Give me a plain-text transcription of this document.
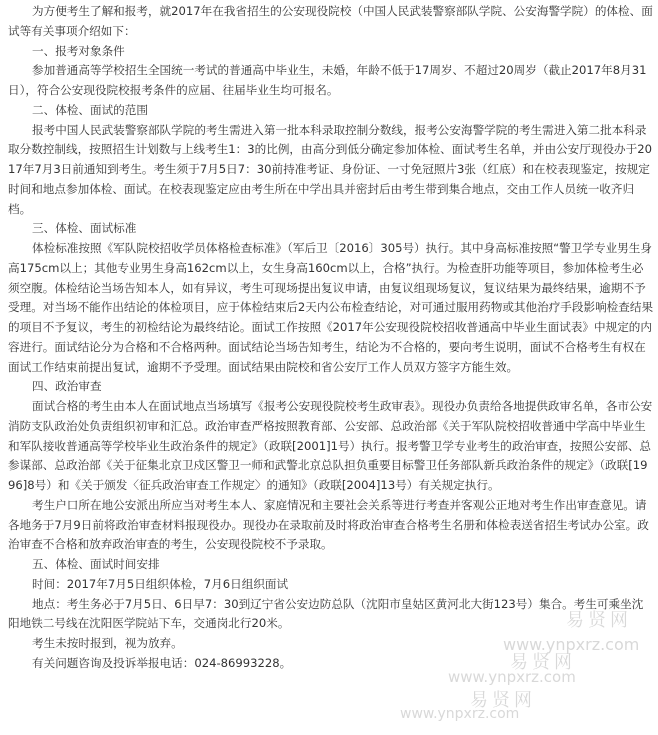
为方便考生了解和报考，就2017年在我省招生的公安现役院校（中国人民武装警察部队学院、公安海警学院）的体检、面试等有关事项介绍如下：

一、报考对象条件

参加普通高等学校招生全国统一考试的普通高中毕业生，未婚，年龄不低于17周岁、不超过20周岁（截止2017年8月31日），符合公安现役院校报考条件的应届、往届毕业生均可报名。

二、体检、面试的范围

报考中国人民武装警察部队学院的考生需进入第一批本科录取控制分数线，报考公安海警学院的考生需进入第二批本科录取分数控制线，按照招生计划数与上线考生1：3的比例，由高分到低分确定参加体检、面试考生名单，并由公安厅现役办于2017年7月3日前通知到考生。考生须于7月5日7：30前持准考证、身份证、一寸免冠照片3张（红底）和在校表现鉴定，按规定时间和地点参加体检、面试。在校表现鉴定应由考生所在中学出具并密封后由考生带到集合地点，交由工作人员统一收齐归档。

三、体检、面试标准

体检标准按照《军队院校招收学员体格检查标准》（军后卫〔2016〕305号）执行。其中身高标准按照“警卫学专业男生身高175cm以上；其他专业男生身高162cm以上，女生身高160cm以上，合格”执行。为检查肝功能等项目，参加体检考生必须空腹。体检结论当场告知本人，如有异议，考生可现场提出复议申请，由复议组现场复议，复议结果为最终结果，逾期不予受理。对当场不能作出结论的体检项目，应于体检结束后2天内公布检查结论，对可通过服用药物或其他治疗手段影响检查结果的项目不予复议，考生的初检结论为最终结论。面试工作按照《2017年公安现役院校招收普通高中毕业生面试表》中规定的内容进行。面试结论分为合格和不合格两种。面试结论当场告知考生，结论为不合格的，要向考生说明，面试不合格考生有权在面试工作结束前提出复试，逾期不予受理。面试结果由院校和省公安厅工作人员双方签字方能生效。

四、政治审查

面试合格的考生由本人在面试地点当场填写《报考公安现役院校考生政审表》。现役办负责给各地提供政审名单，各市公安消防支队政治处负责组织初审和汇总。政治审查严格按照教育部、公安部、总政治部《关于军队院校招收普通中学高中毕业生和军队接收普通高等学校毕业生政治条件的规定》（政联[2001]1号）执行。报考警卫学专业考生的政治审查，按照公安部、总参谋部、总政治部《关于征集北京卫戍区警卫一师和武警北京总队担负重要目标警卫任务部队新兵政治条件的规定》（政联[1996]8号）和《关于颁发〈征兵政治审查工作规定〉的通知》（政联[2004]13号）有关规定执行。

考生户口所在地公安派出所应当对考生本人、家庭情况和主要社会关系等进行考查并客观公正地对考生作出审查意见。请各地务于7月9日前将政治审查材料报现役办。现役办在录取前及时将政治审查合格考生名册和体检表送省招生考试办公室。政治审查不合格和放弃政治审查的考生，公安现役院校不予录取。

五、体检、面试时间安排

时间：2017年7月5日组织体检，7月6日组织面试

地点：考生务必于7月5日、6日早7：30到辽宁省公安边防总队（沈阳市皇姑区黄河北大街123号）集合。考生可乘坐沈阳地铁二号线在沈阳医学院站下车，交通岗北行20米。

考生未按时报到，视为放弃。

有关问题咨询及投诉举报电话：024-86993228。

易贤网
www.ynpxrz.com
易贤网
www.ynpxrz.com
易贤网
www.ynpxrz.com
